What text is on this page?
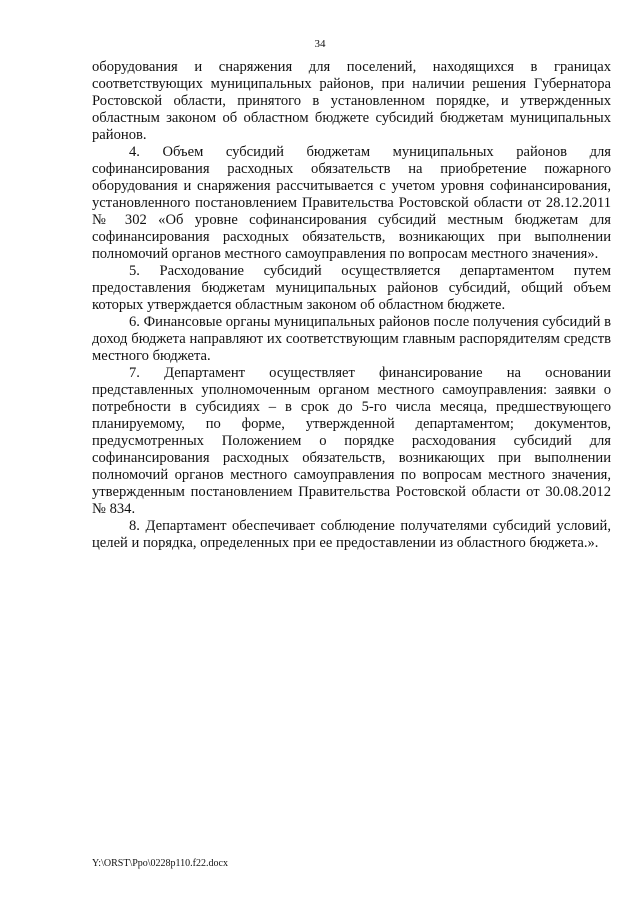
34

оборудования и снаряжения для поселений, находящихся в границах соответствующих муниципальных районов, при наличии решения Губернатора Ростовской области, принятого в установленном порядке, и утвержденных областным законом об областном бюджете субсидий бюджетам муниципальных районов.

4. Объем субсидий бюджетам муниципальных районов для софинансирования расходных обязательств на приобретение пожарного оборудования и снаряжения рассчитывается с учетом уровня софинансирования, установленного постановлением Правительства Ростовской области от 28.12.2011 № 302 «Об уровне софинансирования субсидий местным бюджетам для софинансирования расходных обязательств, возникающих при выполнении полномочий органов местного самоуправления по вопросам местного значения».

5. Расходование субсидий осуществляется департаментом путем предоставления бюджетам муниципальных районов субсидий, общий объем которых утверждается областным законом об областном бюджете.

6. Финансовые органы муниципальных районов после получения субсидий в доход бюджета направляют их соответствующим главным распорядителям средств местного бюджета.

7. Департамент осуществляет финансирование на основании представленных уполномоченным органом местного самоуправления: заявки о потребности в субсидиях – в срок до 5-го числа месяца, предшествующего планируемому, по форме, утвержденной департаментом; документов, предусмотренных Положением о порядке расходования субсидий для софинансирования расходных обязательств, возникающих при выполнении полномочий органов местного самоуправления по вопросам местного значения, утвержденным постановлением Правительства Ростовской области от 30.08.2012 № 834.

8. Департамент обеспечивает соблюдение получателями субсидий условий, целей и порядка, определенных при ее предоставлении из областного бюджета.».

Y:\ORST\Ppo\0228p110.f22.docx
